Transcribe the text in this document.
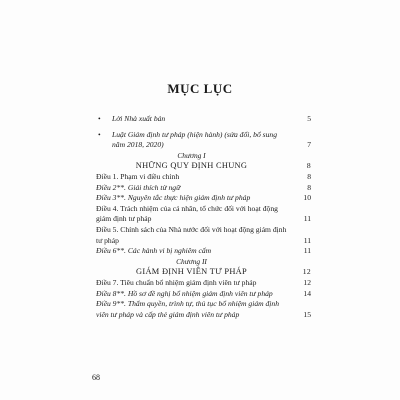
MỤC LỤC
• Lời Nhà xuất bản	5
• Luật Giám định tư pháp (hiện hành) (sửa đổi, bổ sung năm 2018, 2020)	7
Chương I
NHỮNG QUY ĐỊNH CHUNG	8
Điều 1. Phạm vi điều chỉnh	8
Điều 2**. Giải thích từ ngữ	8
Điều 3**. Nguyên tắc thực hiện giám định tư pháp	10
Điều 4. Trách nhiệm của cá nhân, tổ chức đối với hoạt động giám định tư pháp	11
Điều 5. Chính sách của Nhà nước đối với hoạt động giám định tư pháp	11
Điều 6**. Các hành vi bị nghiêm cấm	11
Chương II
GIÁM ĐỊNH VIÊN TƯ PHÁP	12
Điều 7. Tiêu chuẩn bổ nhiệm giám định viên tư pháp	12
Điều 8**. Hồ sơ đề nghị bổ nhiệm giám định viên tư pháp	14
Điều 9**. Thẩm quyền, trình tự, thủ tục bổ nhiệm giám định viên tư pháp và cấp thẻ giám định viên tư pháp	15
68
